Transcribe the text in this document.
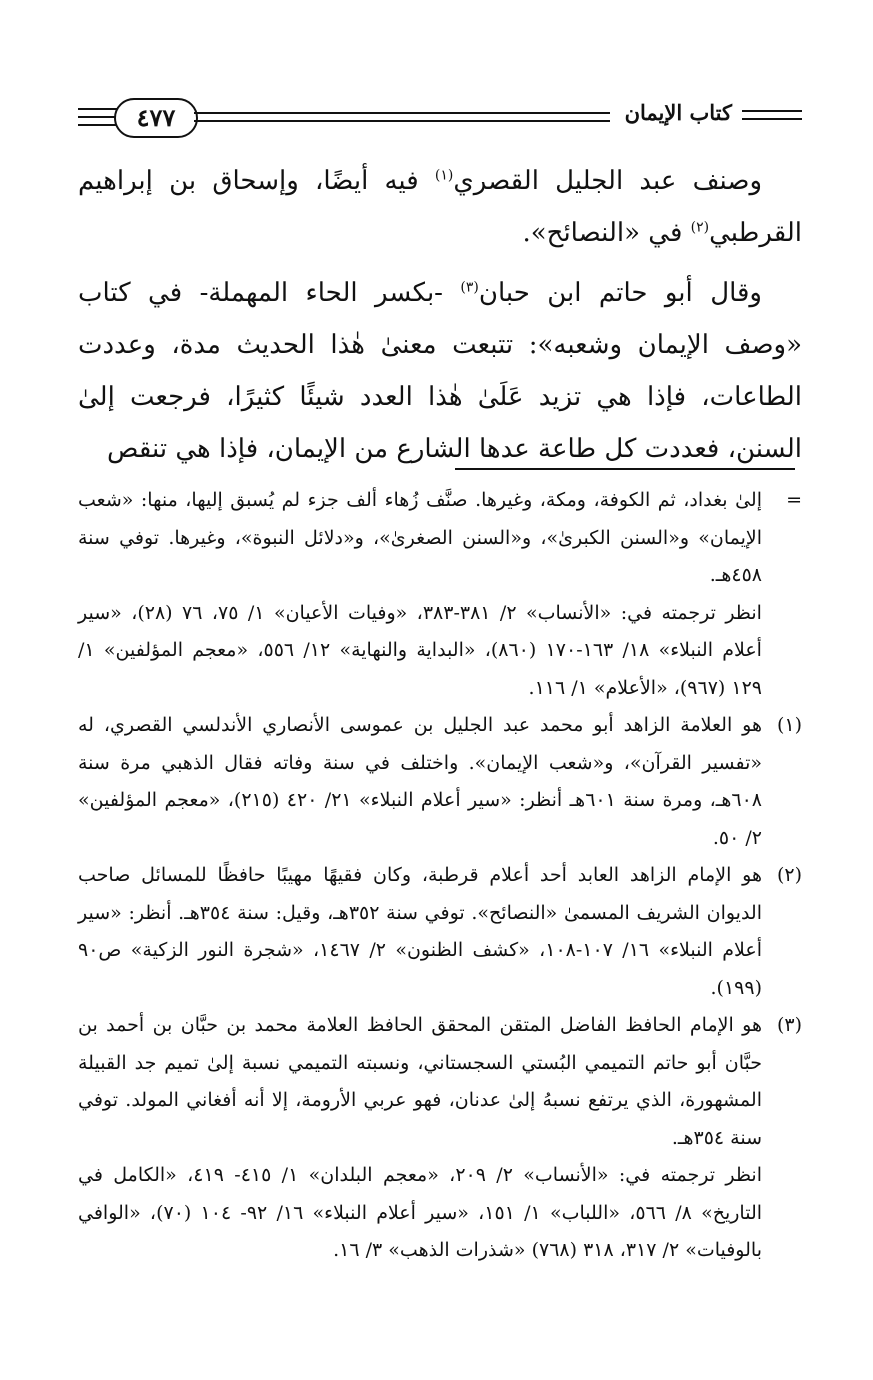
٤٧٧	كتاب الإيمان

وصنف عبد الجليل القصري$^{(١)}$ فيه أيضًا، وإسحاق بن إبراهيم القرطبي$^{(٢)}$ في «النصائح».

وقال أبو حاتم ابن حبان$^{(٣)}$ -بكسر الحاء المهملة- في كتاب «وصف الإيمان وشعبه»: تتبعت معنىٰ هٰذا الحديث مدة، وعددت الطاعات، فإذا هي تزيد عَلَىٰ هٰذا العدد شيئًا كثيرًا، فرجعت إلىٰ السنن، فعددت كل طاعة عدها الشارع من الإيمان، فإذا هي تنقص

=

إلىٰ بغداد، ثم الكوفة، ومكة، وغيرها. صنَّف زُهاء ألف جزء لم يُسبق إليها، منها: «شعب الإيمان» و«السنن الكبرىٰ»، و«السنن الصغرىٰ»، و«دلائل النبوة»، وغيرها. توفي سنة ٤٥٨هـ.

انظر ترجمته في: «الأنساب» ٢/ ٣٨١-٣٨٣، «وفيات الأعيان» ١/ ٧٥، ٧٦ (٢٨)، «سير أعلام النبلاء» ١٨/ ١٦٣-١٧٠ (٨٦٠)، «البداية والنهاية» ١٢/ ٥٥٦، «معجم المؤلفين» ١/ ١٢٩ (٩٦٧)، «الأعلام» ١/ ١١٦.

(١)

هو العلامة الزاهد أبو محمد عبد الجليل بن عموسى الأنصاري الأندلسي القصري، له «تفسير القرآن»، و«شعب الإيمان». واختلف في سنة وفاته فقال الذهبي مرة سنة ٦٠٨هـ، ومرة سنة ٦٠١هـ أنظر: «سير أعلام النبلاء» ٢١/ ٤٢٠ (٢١٥)، «معجم المؤلفين» ٢/ ٥٠.

(٢)

هو الإمام الزاهد العابد أحد أعلام قرطبة، وكان فقيهًا مهيبًا حافظًا للمسائل صاحب الديوان الشريف المسمىٰ «النصائح». توفي سنة ٣٥٢هـ، وقيل: سنة ٣٥٤هـ. أنظر: «سير أعلام النبلاء» ١٦/ ١٠٧-١٠٨، «كشف الظنون» ٢/ ١٤٦٧، «شجرة النور الزكية» ص٩٠ (١٩٩).

(٣)

هو الإمام الحافظ الفاضل المتقن المحقق الحافظ العلامة محمد بن حبَّان بن أحمد بن حبَّان أبو حاتم التميمي البُستي السجستاني، ونسبته التميمي نسبة إلىٰ تميم جد القبيلة المشهورة، الذي يرتفع نسبهُ إلىٰ عدنان، فهو عربي الأرومة، إلا أنه أفغاني المولد. توفي سنة ٣٥٤هـ.

انظر ترجمته في: «الأنساب» ٢/ ٢٠٩، «معجم البلدان» ١/ ٤١٥- ٤١٩، «الكامل في التاريخ» ٨/ ٥٦٦، «اللباب» ١/ ١٥١، «سير أعلام النبلاء» ١٦/ ٩٢- ١٠٤ (٧٠)، «الوافي بالوفيات» ٢/ ٣١٧، ٣١٨ (٧٦٨) «شذرات الذهب» ٣/ ١٦.
